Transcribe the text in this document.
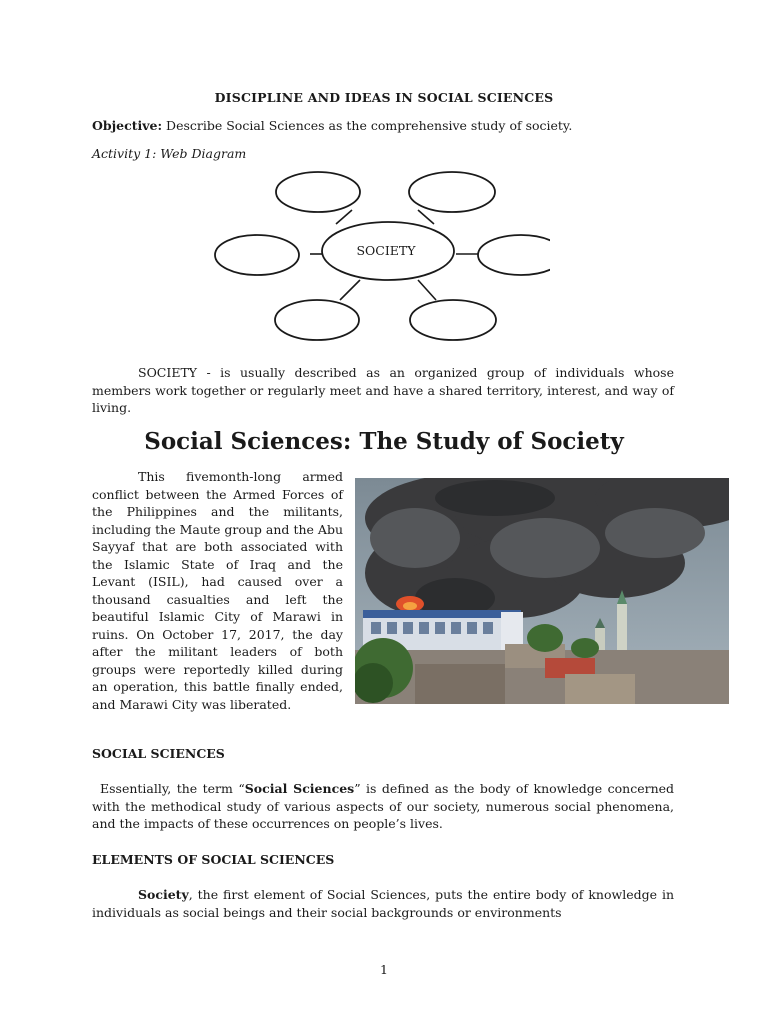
DISCIPLINE AND IDEAS IN SOCIAL SCIENCES
Objective: Describe Social Sciences as the comprehensive study of society.
Activity 1: Web Diagram
SOCIETY
SOCIETY - is usually described as an organized group of individuals whose members work together or regularly meet and have a shared territory, interest, and way of living.
Social Sciences: The Study of Society
This fivemonth-long armed conflict between the Armed Forces of the Philippines and the militants, including the Maute group and the Abu Sayyaf that are both associated with the Islamic State of Iraq and the Levant (ISIL), had caused over a thousand casualties and left the beautiful Islamic City of Marawi in ruins. On October 17, 2017, the day after the militant leaders of both groups were reportedly killed during an operation, this battle finally ended, and Marawi City was liberated.
SOCIAL SCIENCES
Essentially, the term “Social Sciences” is defined as the body of knowledge concerned with the methodical study of various aspects of our society, numerous social phenomena, and the impacts of these occurrences on people’s lives.
ELEMENTS OF SOCIAL SCIENCES
Society, the first element of Social Sciences, puts the entire body of knowledge in individuals as social beings and their social backgrounds or environments
1
